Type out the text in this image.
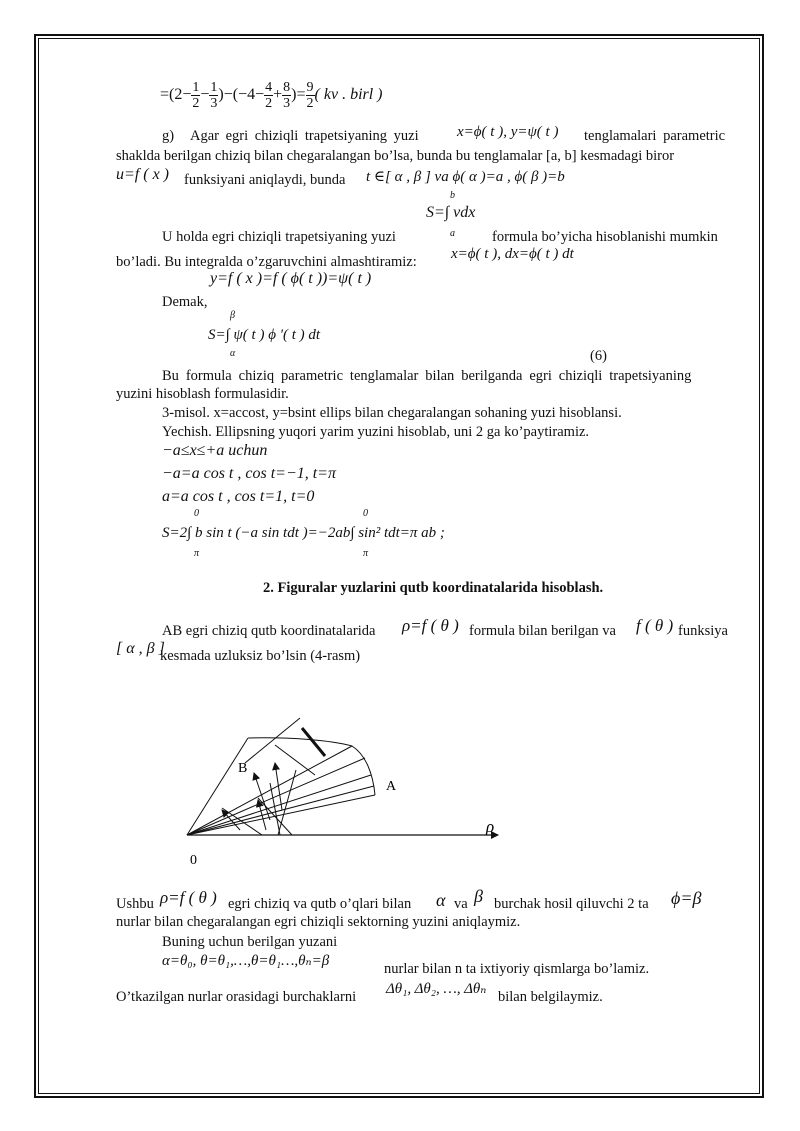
$=(2- \frac{1}{2} - \frac{1}{3} )-(-4- \frac{4}{2} + \frac{8}{3}$ )= $\frac{9}{2}$ ( kv . birl )
g) Agar egri chiziqli trapetsiyaning yuzi	x=ϕ( t ), y=ψ( t ) tenglamalari parametric
shaklda berilgan chiziq bilan chegaralangan bo’lsa, bunda bu tenglamalar [a, b] kesmadagi biror
u=f ( x ) funksiyani aniqlaydi, bunda t ∈[ α , β ] va ϕ( α )=a , ϕ( β )=b
b
S=∫ vdx
a
U holda egri chiziqli trapetsiyaning yuzi	formula bo’yicha hisoblanishi mumkin
bo’ladi. Bu integralda o’zgaruvchini almashtiramiz: x=ϕ( t ), dx=ϕ( t ) dt
y=f ( x )=f ( ϕ( t ))=ψ( t )
Demak,
β
S=∫ ψ( t ) ϕ ′( t ) dt
α	(6)
Bu formula chiziq parametric tenglamalar bilan berilganda egri chiziqli trapetsiyaning
yuzini hisoblash formulasidir.
3-misol. x=accost, y=bsint ellips bilan chegaralangan sohaning yuzi hisoblansi.
Yechish. Ellipsning yuqori yarim yuzini hisoblab, uni 2 ga ko’paytiramiz.
−a≤x≤+a uchun
−a=a cos t , cos t=−1, t=π
a=a cos t , cos t=1, t=0
0	0
S=2∫ b sin t (−a sin tdt )=−2ab∫ sin² tdt=π ab ;
π	π
2. Figuralar yuzlarini qutb koordinatalarida hisoblash.
AB egri chiziq qutb koordinatalarida ρ=f ( θ ) formula bilan berilgan va f ( θ ) funksiya
[ α , β ]
kesmada uzluksiz bo’lsin (4-rasm)
B
A
ρ
0
Ushbu ρ=f ( θ ) egri chiziq va qutb o’qlari bilan α va β burchak hosil qiluvchi 2 ta ϕ=β
nurlar bilan chegaralangan egri chiziqli sektorning yuzini aniqlaymiz.
Buning uchun berilgan yuzani
α=θ₀, θ=θ₁,…,θ=θ₁…,θₙ=β	nurlar bilan n ta ixtiyoriy qismlarga bo’lamiz.
O’tkazilgan nurlar orasidagi burchaklarni Δθ₁, Δθ₂, …, Δθₙ bilan belgilaymiz.
